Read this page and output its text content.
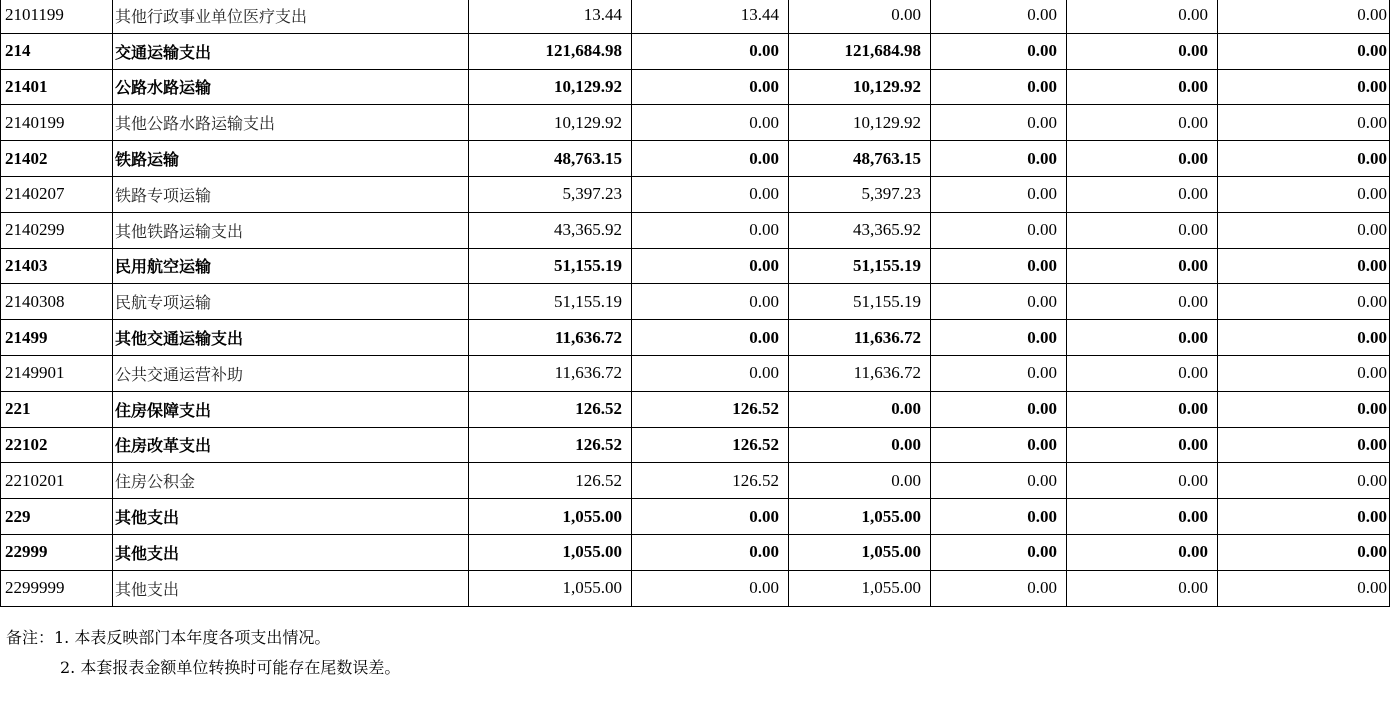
2101199	其他行政事业单位医疗支出	13.44	13.44	0.00	0.00	0.00	0.00
214	交通运输支出	121,684.98	0.00	121,684.98	0.00	0.00	0.00
21401	公路水路运输	10,129.92	0.00	10,129.92	0.00	0.00	0.00
2140199	其他公路水路运输支出	10,129.92	0.00	10,129.92	0.00	0.00	0.00
21402	铁路运输	48,763.15	0.00	48,763.15	0.00	0.00	0.00
2140207	铁路专项运输	5,397.23	0.00	5,397.23	0.00	0.00	0.00
2140299	其他铁路运输支出	43,365.92	0.00	43,365.92	0.00	0.00	0.00
21403	民用航空运输	51,155.19	0.00	51,155.19	0.00	0.00	0.00
2140308	民航专项运输	51,155.19	0.00	51,155.19	0.00	0.00	0.00
21499	其他交通运输支出	11,636.72	0.00	11,636.72	0.00	0.00	0.00
2149901	公共交通运营补助	11,636.72	0.00	11,636.72	0.00	0.00	0.00
221	住房保障支出	126.52	126.52	0.00	0.00	0.00	0.00
22102	住房改革支出	126.52	126.52	0.00	0.00	0.00	0.00
2210201	住房公积金	126.52	126.52	0.00	0.00	0.00	0.00
229	其他支出	1,055.00	0.00	1,055.00	0.00	0.00	0.00
22999	其他支出	1,055.00	0.00	1,055.00	0.00	0.00	0.00
2299999	其他支出	1,055.00	0.00	1,055.00	0.00	0.00	0.00
备注：1. 本表反映部门本年度各项支出情况。
2. 本套报表金额单位转换时可能存在尾数误差。
